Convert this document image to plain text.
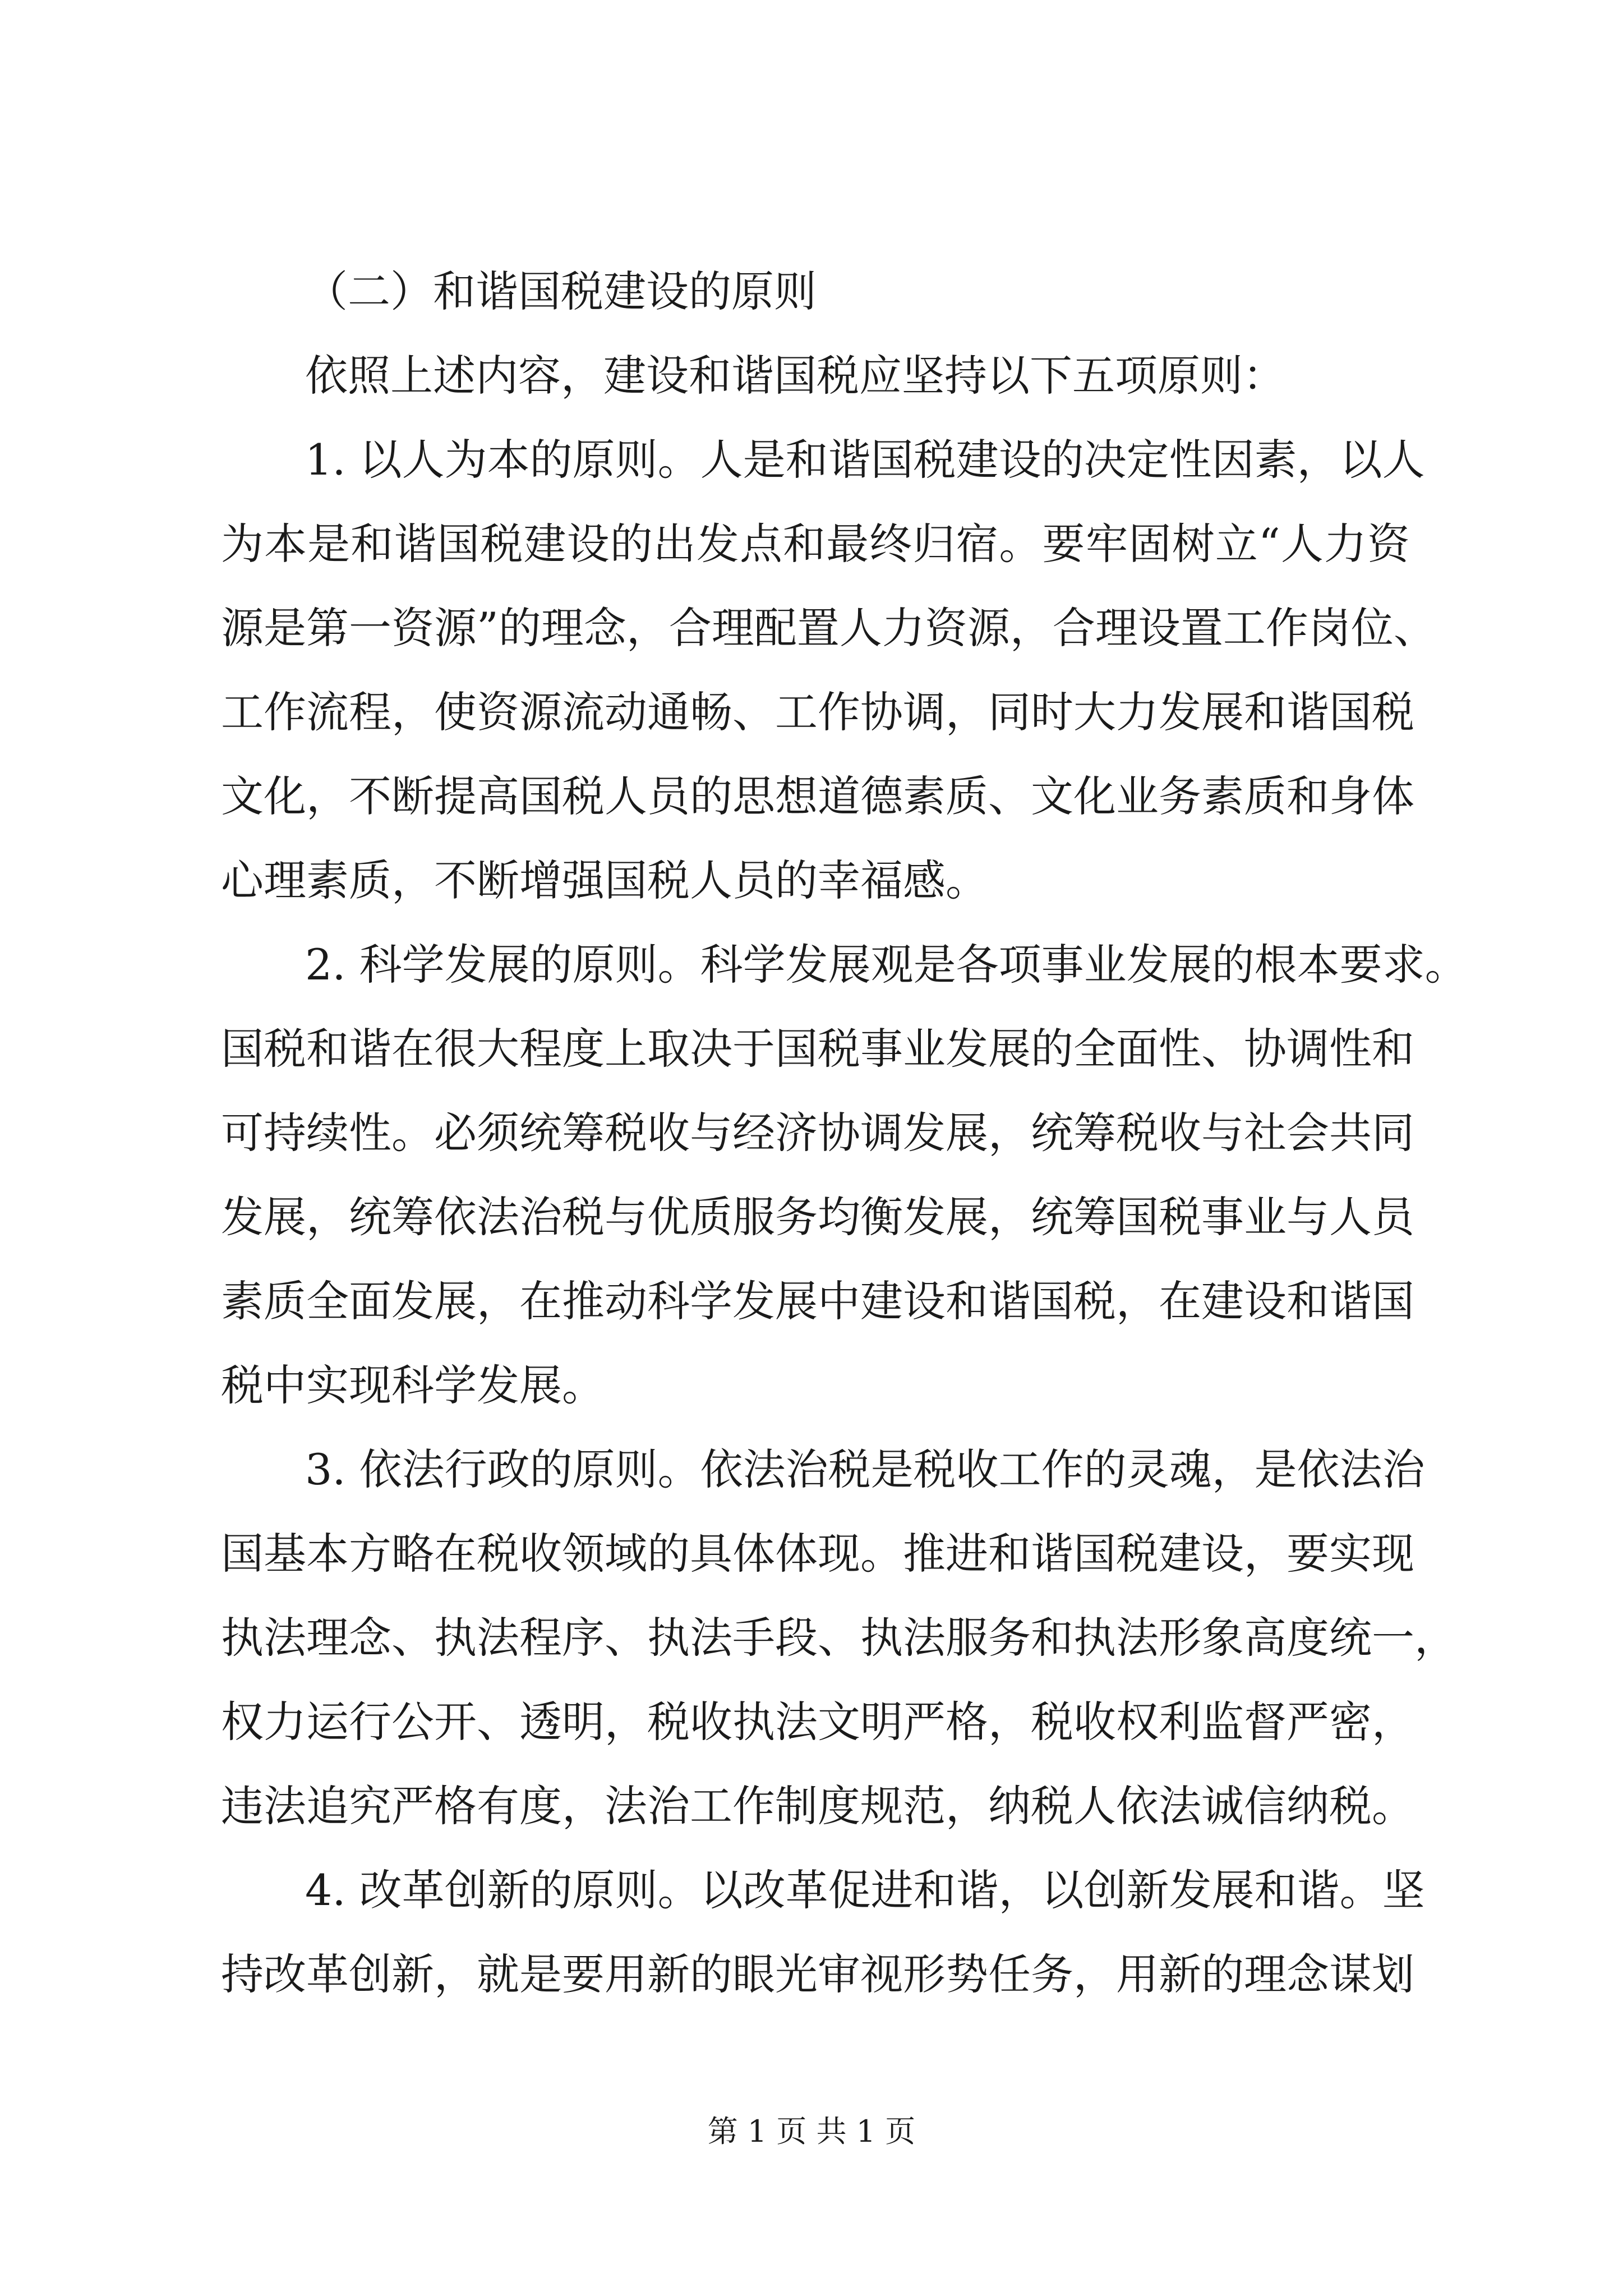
（二）和谐国税建设的原则
依照上述内容，建设和谐国税应坚持以下五项原则：
1. 以人为本的原则。人是和谐国税建设的决定性因素，以人
为本是和谐国税建设的出发点和最终归宿。要牢固树立“人力资
源是第一资源”的理念，合理配置人力资源，合理设置工作岗位、
工作流程，使资源流动通畅、工作协调，同时大力发展和谐国税
文化，不断提高国税人员的思想道德素质、文化业务素质和身体
心理素质，不断增强国税人员的幸福感。
2. 科学发展的原则。科学发展观是各项事业发展的根本要求。
国税和谐在很大程度上取决于国税事业发展的全面性、协调性和
可持续性。必须统筹税收与经济协调发展，统筹税收与社会共同
发展，统筹依法治税与优质服务均衡发展，统筹国税事业与人员
素质全面发展，在推动科学发展中建设和谐国税，在建设和谐国
税中实现科学发展。
3. 依法行政的原则。依法治税是税收工作的灵魂，是依法治
国基本方略在税收领域的具体体现。推进和谐国税建设，要实现
执法理念、执法程序、执法手段、执法服务和执法形象高度统一，
权力运行公开、透明，税收执法文明严格，税收权利监督严密，
违法追究严格有度，法治工作制度规范，纳税人依法诚信纳税。
4. 改革创新的原则。以改革促进和谐，以创新发展和谐。坚
持改革创新，就是要用新的眼光审视形势任务，用新的理念谋划
第 1 页 共 1 页
